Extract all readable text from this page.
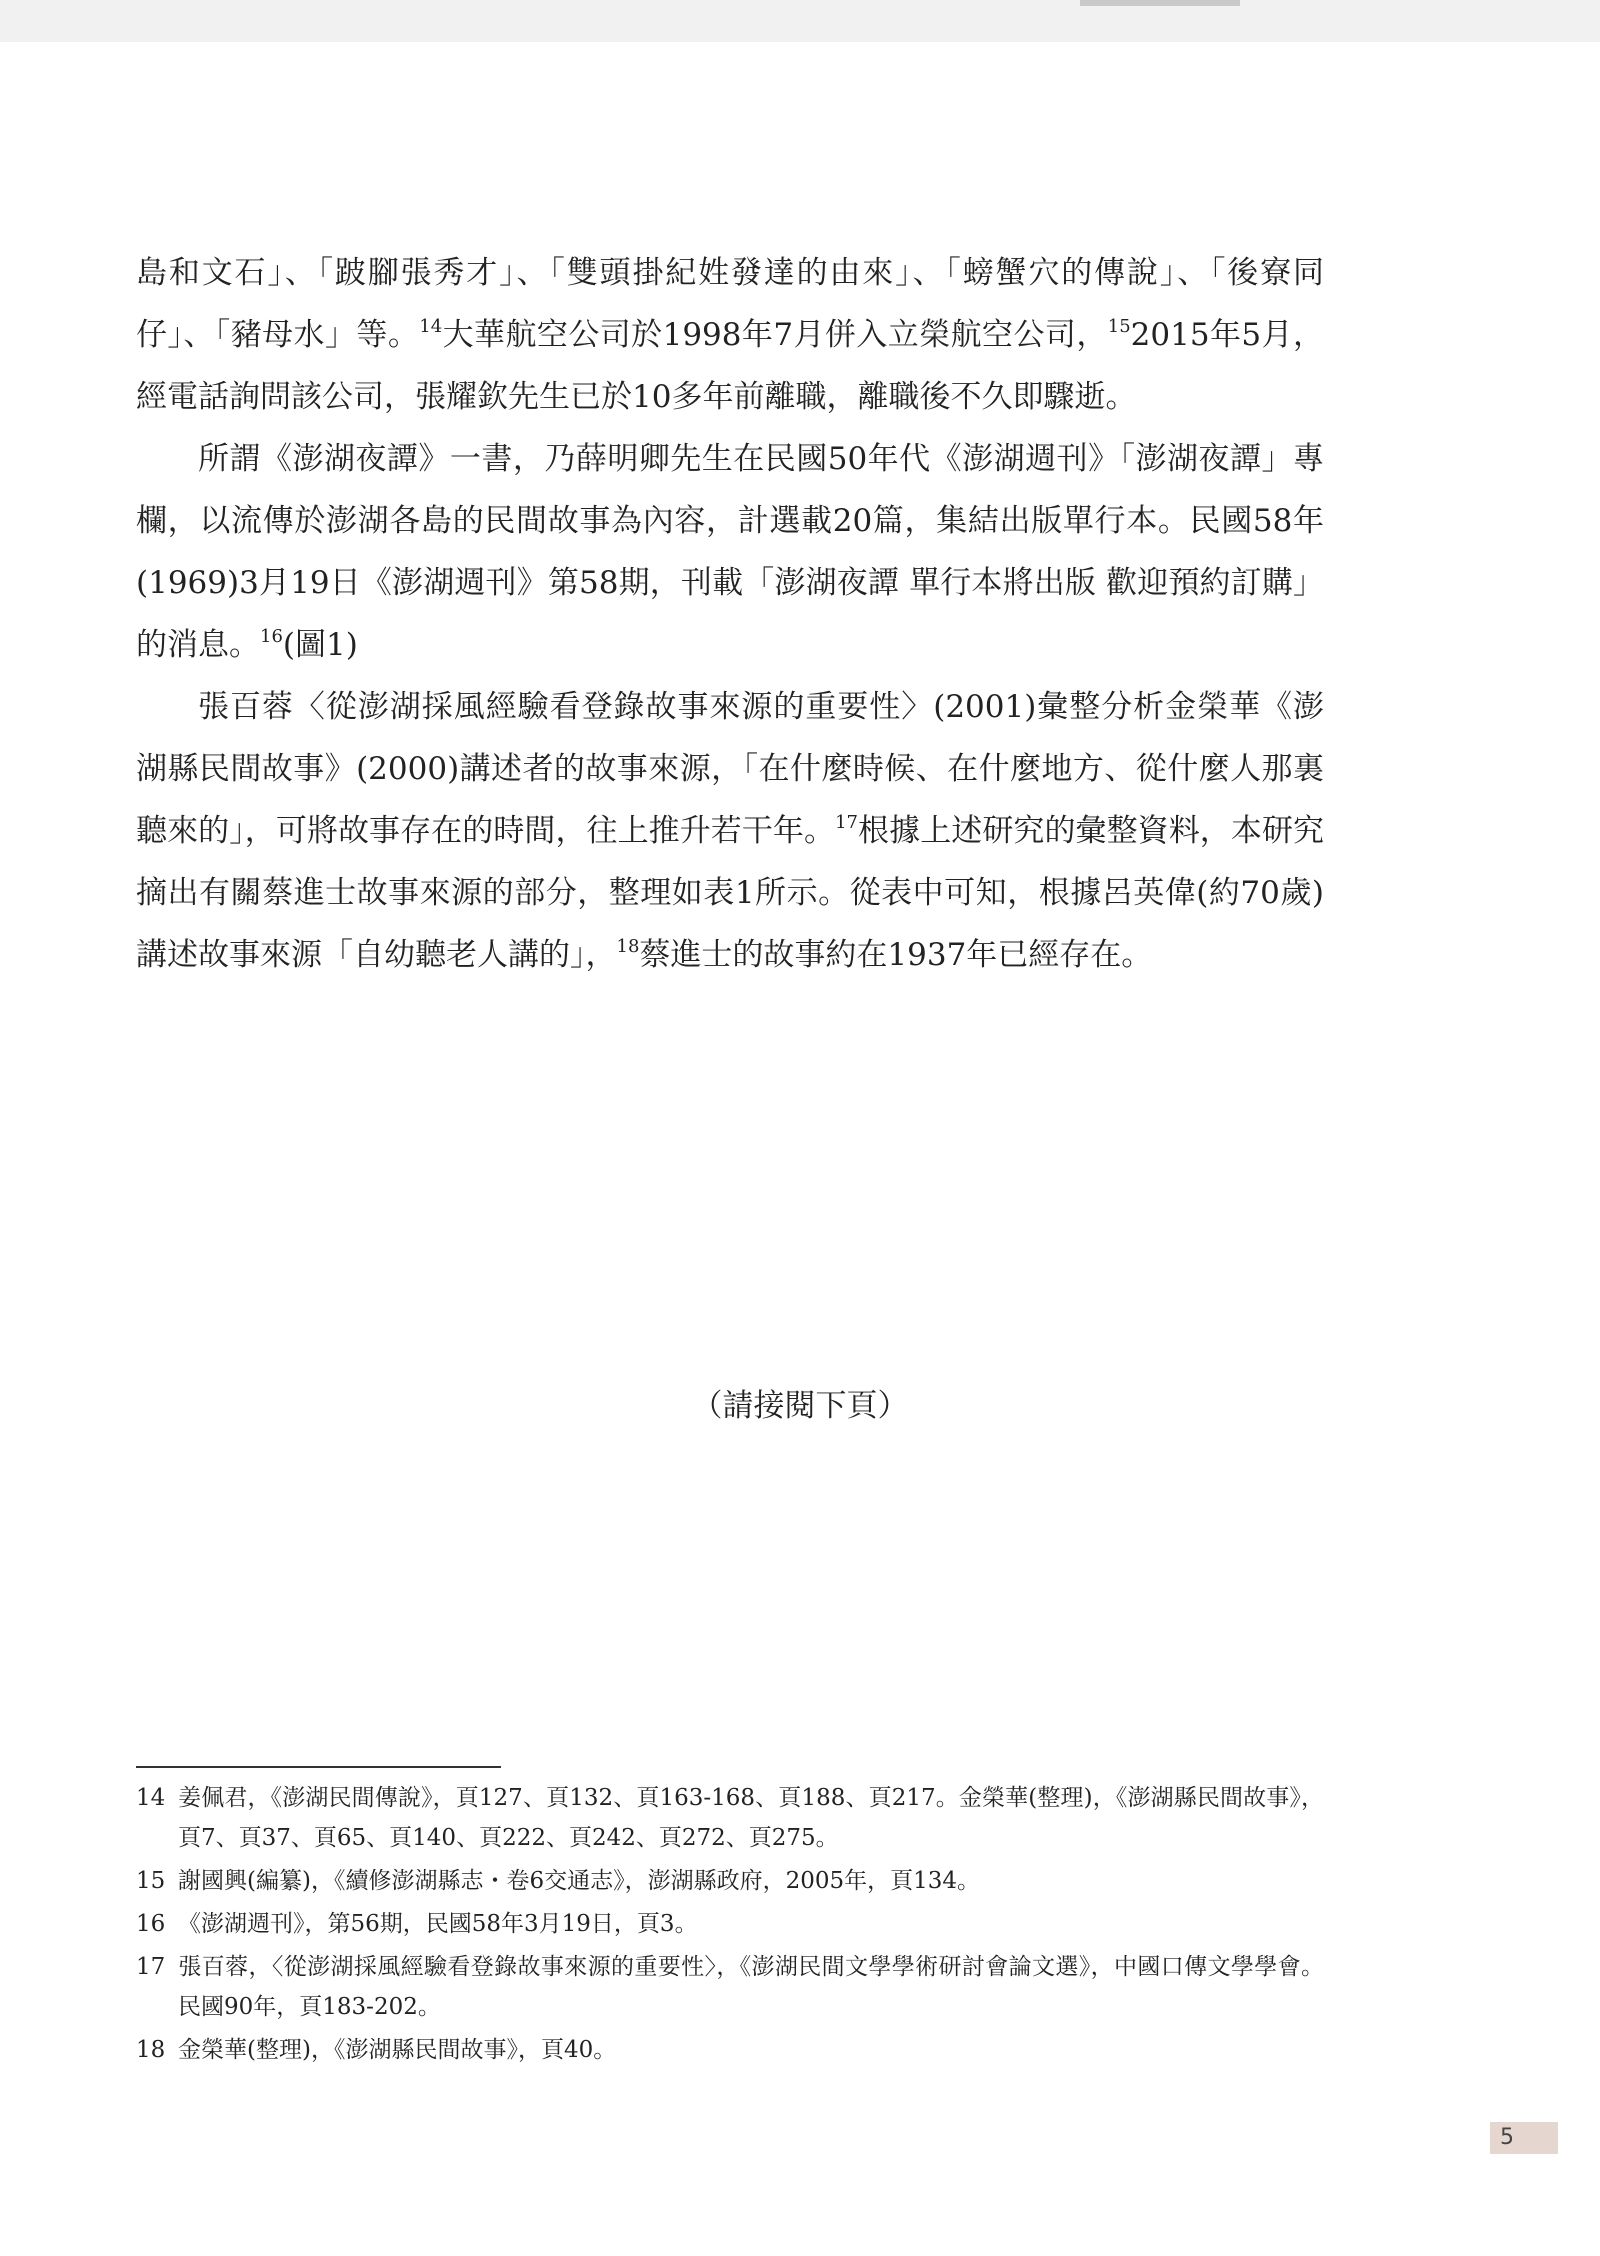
島和文石」、「跛腳張秀才」、「雙頭掛紀姓發達的由來」、「螃蟹穴的傳說」、「後寮同仔」、「豬母水」等。$^{14}$大華航空公司於1998年7月併入立榮航空公司，$^{15}$2015年5月，經電話詢問該公司，張耀欽先生已於10多年前離職，離職後不久即驟逝。

所謂《澎湖夜譚》一書，乃薛明卿先生在民國50年代《澎湖週刊》「澎湖夜譚」專欄，以流傳於澎湖各島的民間故事為內容，計選載20篇，集結出版單行本。民國58年(1969)3月19日《澎湖週刊》第58期，刊載「澎湖夜譚 單行本將出版 歡迎預約訂購」的消息。$^{16}$(圖1)

張百蓉〈從澎湖採風經驗看登錄故事來源的重要性〉(2001)彙整分析金榮華《澎湖縣民間故事》(2000)講述者的故事來源，「在什麼時候、在什麼地方、從什麼人那裏聽來的」，可將故事存在的時間，往上推升若干年。$^{17}$根據上述研究的彙整資料，本研究摘出有關蔡進士故事來源的部分，整理如表1所示。從表中可知，根據呂英偉(約70歲)講述故事來源「自幼聽老人講的」，$^{18}$蔡進士的故事約在1937年已經存在。

（請接閱下頁）

14 姜佩君，《澎湖民間傳說》，頁127、頁132、頁163-168、頁188、頁217。金榮華(整理)，《澎湖縣民間故事》，頁7、頁37、頁65、頁140、頁222、頁242、頁272、頁275。

15 謝國興(編纂)，《續修澎湖縣志・卷6交通志》，澎湖縣政府，2005年，頁134。

16 《澎湖週刊》，第56期，民國58年3月19日，頁3。

17 張百蓉，〈從澎湖採風經驗看登錄故事來源的重要性〉，《澎湖民間文學學術研討會論文選》，中國口傳文學學會。民國90年，頁183-202。

18 金榮華(整理)，《澎湖縣民間故事》，頁40。

5
